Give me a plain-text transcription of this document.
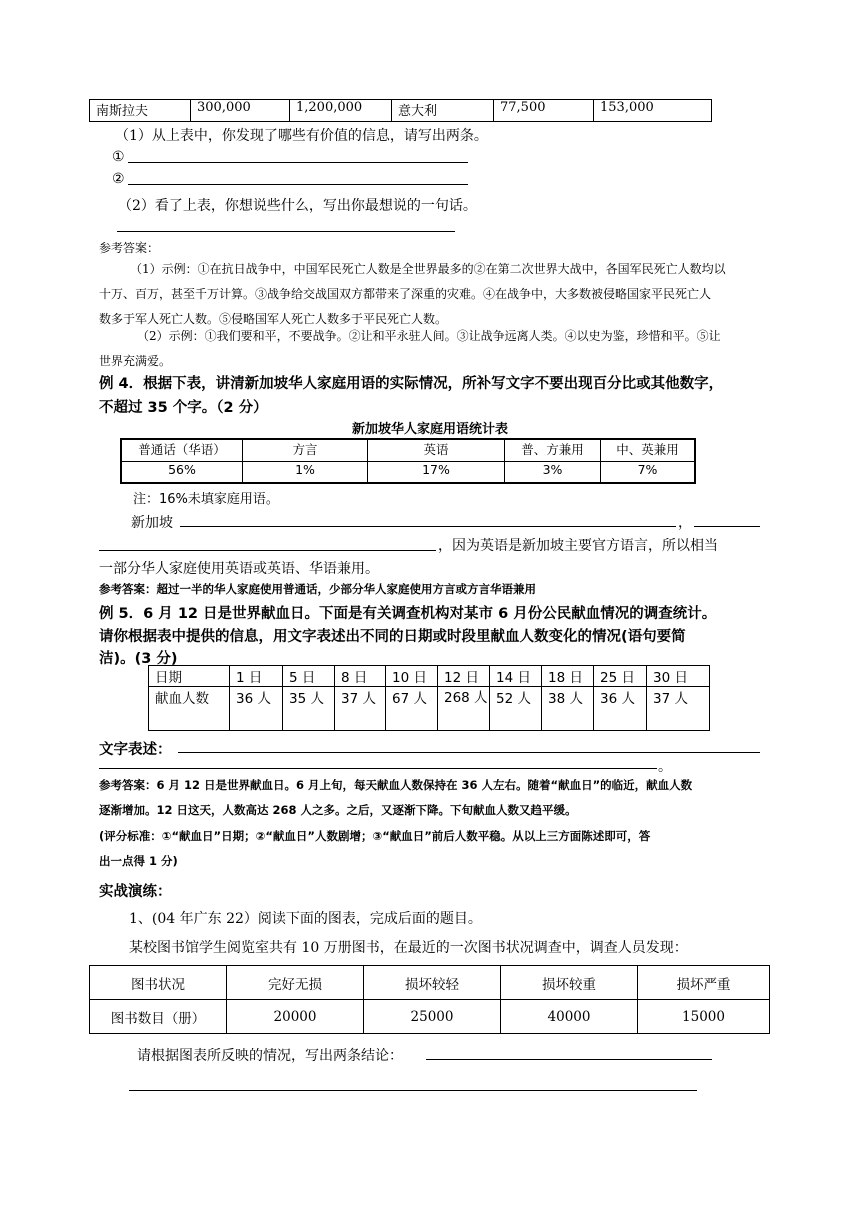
南斯拉夫	300,000	1,200,000	意大利	77,500	153,000
（1）从上表中，你发现了哪些有价值的信息，请写出两条。
①
②
（2）看了上表，你想说些什么，写出你最想说的一句话。
参考答案：
（1）示例：①在抗日战争中，中国军民死亡人数是全世界最多的②在第二次世界大战中，各国军民死亡人数均以
十万、百万，甚至千万计算。③战争给交战国双方都带来了深重的灾难。④在战争中，大多数被侵略国家平民死亡人
数多于军人死亡人数。⑤侵略国军人死亡人数多于平民死亡人数。
（2）示例：①我们要和平，不要战争。②让和平永驻人间。③让战争远离人类。④以史为鉴，珍惜和平。⑤让
世界充满爱。
例 4．根据下表，讲清新加坡华人家庭用语的实际情况，所补写文字不要出现百分比或其他数字，
不超过 35 个字。（2 分）
新加坡华人家庭用语统计表
普通话（华语）	方言	英语	普、方兼用	中、英兼用
56%	1%	17%	3%	7%
注：16%未填家庭用语。
新加坡	，
，因为英语是新加坡主要官方语言，所以相当
一部分华人家庭使用英语或英语、华语兼用。
参考答案：超过一半的华人家庭使用普通话，少部分华人家庭使用方言或方言华语兼用
例 5．6 月 12 日是世界献血日。下面是有关调查机构对某市 6 月份公民献血情况的调查统计。
请你根据表中提供的信息，用文字表述出不同的日期或时段里献血人数变化的情况(语句要简
洁)。(3 分)
日期	1 日	5 日	8 日	10 日	12 日	14 日	18 日	25 日	30 日
献血人数	36 人	35 人	37 人	67 人	268 人	52 人	38 人	36 人	37 人
文字表述：
。
参考答案：6 月 12 日是世界献血日。6 月上旬，每天献血人数保持在 36 人左右。随着“献血日”的临近，献血人数
逐渐增加。12 日这天，人数高达 268 人之多。之后，又逐渐下降。下旬献血人数又趋平缓。
(评分标准：①“献血日”日期；②“献血日”人数剧增；③“献血日”前后人数平稳。从以上三方面陈述即可，答
出一点得 1 分)
实战演练：
1、(04 年广东 22）阅读下面的图表，完成后面的题目。
某校图书馆学生阅览室共有 10 万册图书，在最近的一次图书状况调查中，调查人员发现：
图书状况	完好无损	损坏较轻	损坏较重	损坏严重
图书数目（册）	20000	25000	40000	15000
请根据图表所反映的情况，写出两条结论：
